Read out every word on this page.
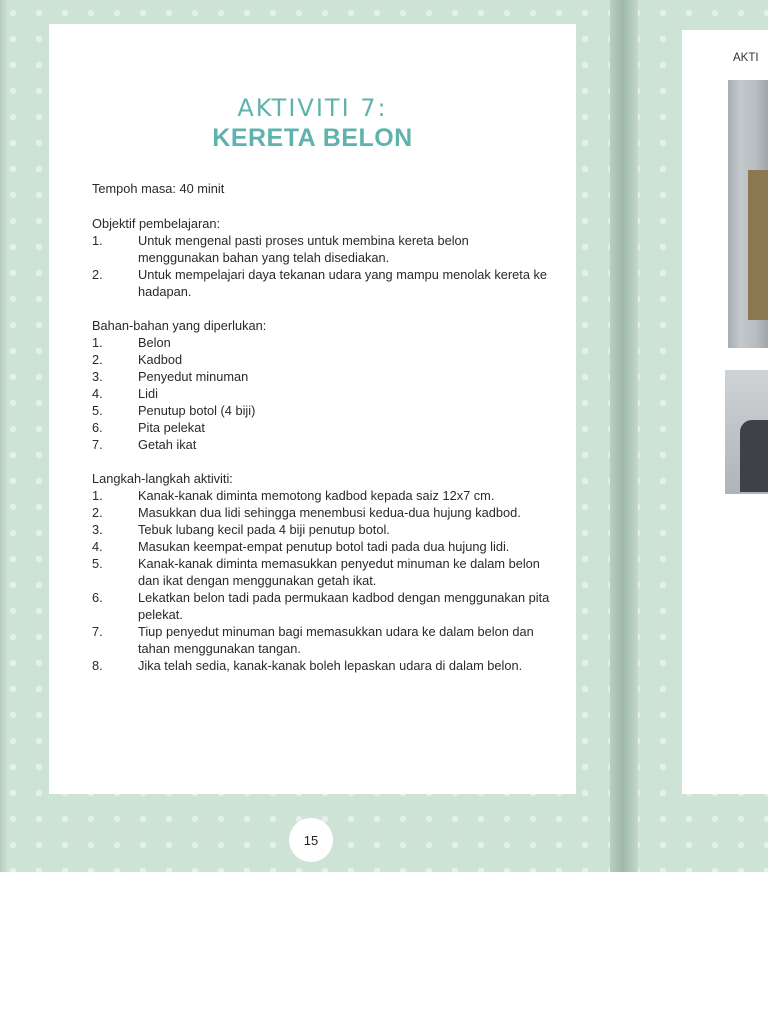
AKTIVITI 7:
KERETA BELON

Tempoh masa: 40 minit

Objektif pembelajaran:

1.	Untuk mengenal pasti proses untuk membina kereta belon menggunakan bahan yang telah disediakan.
2.	Untuk mempelajari daya tekanan udara yang mampu menolak kereta ke hadapan.

Bahan-bahan yang diperlukan:

1.	Belon
2.	Kadbod
3.	Penyedut minuman
4.	Lidi
5.	Penutup botol (4 biji)
6.	Pita pelekat
7.	Getah ikat

Langkah-langkah aktiviti:

1.	Kanak-kanak diminta memotong kadbod kepada saiz 12x7 cm.
2.	Masukkan dua lidi sehingga menembusi kedua-dua hujung kadbod.
3.	Tebuk lubang kecil pada 4 biji penutup botol.
4.	Masukan keempat-empat penutup botol tadi pada dua hujung lidi.
5.	Kanak-kanak diminta memasukkan penyedut minuman ke dalam belon dan ikat dengan menggunakan getah ikat.
6.	Lekatkan belon tadi pada permukaan kadbod dengan menggunakan pita pelekat.
7.	Tiup penyedut minuman bagi memasukkan udara ke dalam belon dan tahan menggunakan tangan.
8.	Jika telah sedia, kanak-kanak boleh lepaskan udara di dalam belon.
15
AKTI
